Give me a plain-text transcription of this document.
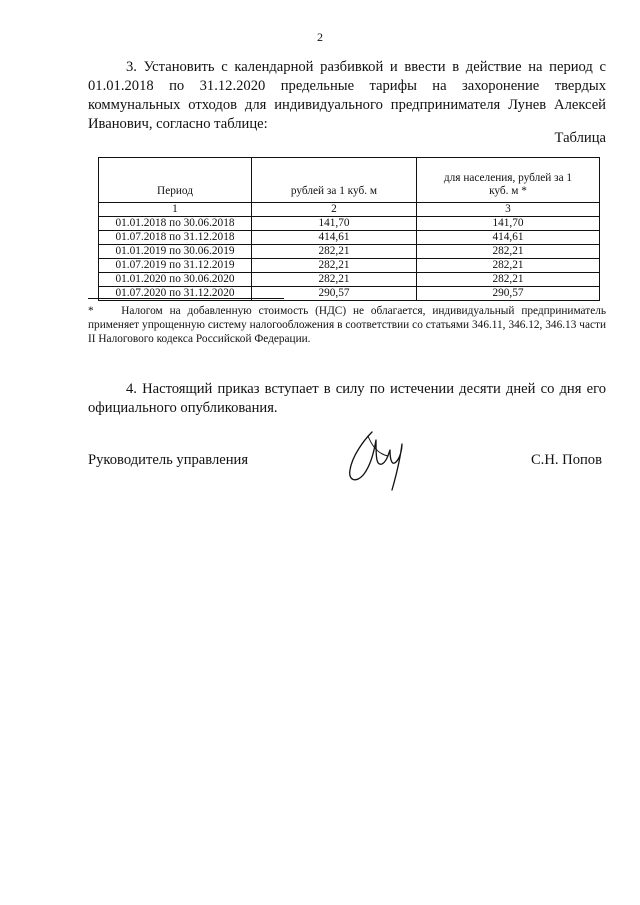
2

3. Установить с календарной разбивкой и ввести в действие на период с 01.01.2018 по 31.12.2020 предельные тарифы на захоронение твердых коммунальных отходов для индивидуального предпринимателя Лунев Алексей Иванович, согласно таблице:

Таблица
Период	рублей за 1 куб. м	для населения, рублей за 1 куб. м *
1	2	3
01.01.2018 по 30.06.2018	141,70	141,70
01.07.2018 по 31.12.2018	414,61	414,61
01.01.2019 по 30.06.2019	282,21	282,21
01.07.2019 по 31.12.2019	282,21	282,21
01.01.2020 по 30.06.2020	282,21	282,21
01.07.2020 по 31.12.2020	290,57	290,57

*    Налогом на добавленную стоимость (НДС) не облагается, индивидуальный предприниматель применяет упрощенную систему налогообложения в соответствии со статьями 346.11, 346.12, 346.13 части II Налогового кодекса Российской Федерации.

4. Настоящий приказ вступает в силу по истечении десяти дней со дня его официального опубликования.

Руководитель управления	С.Н. Попов
